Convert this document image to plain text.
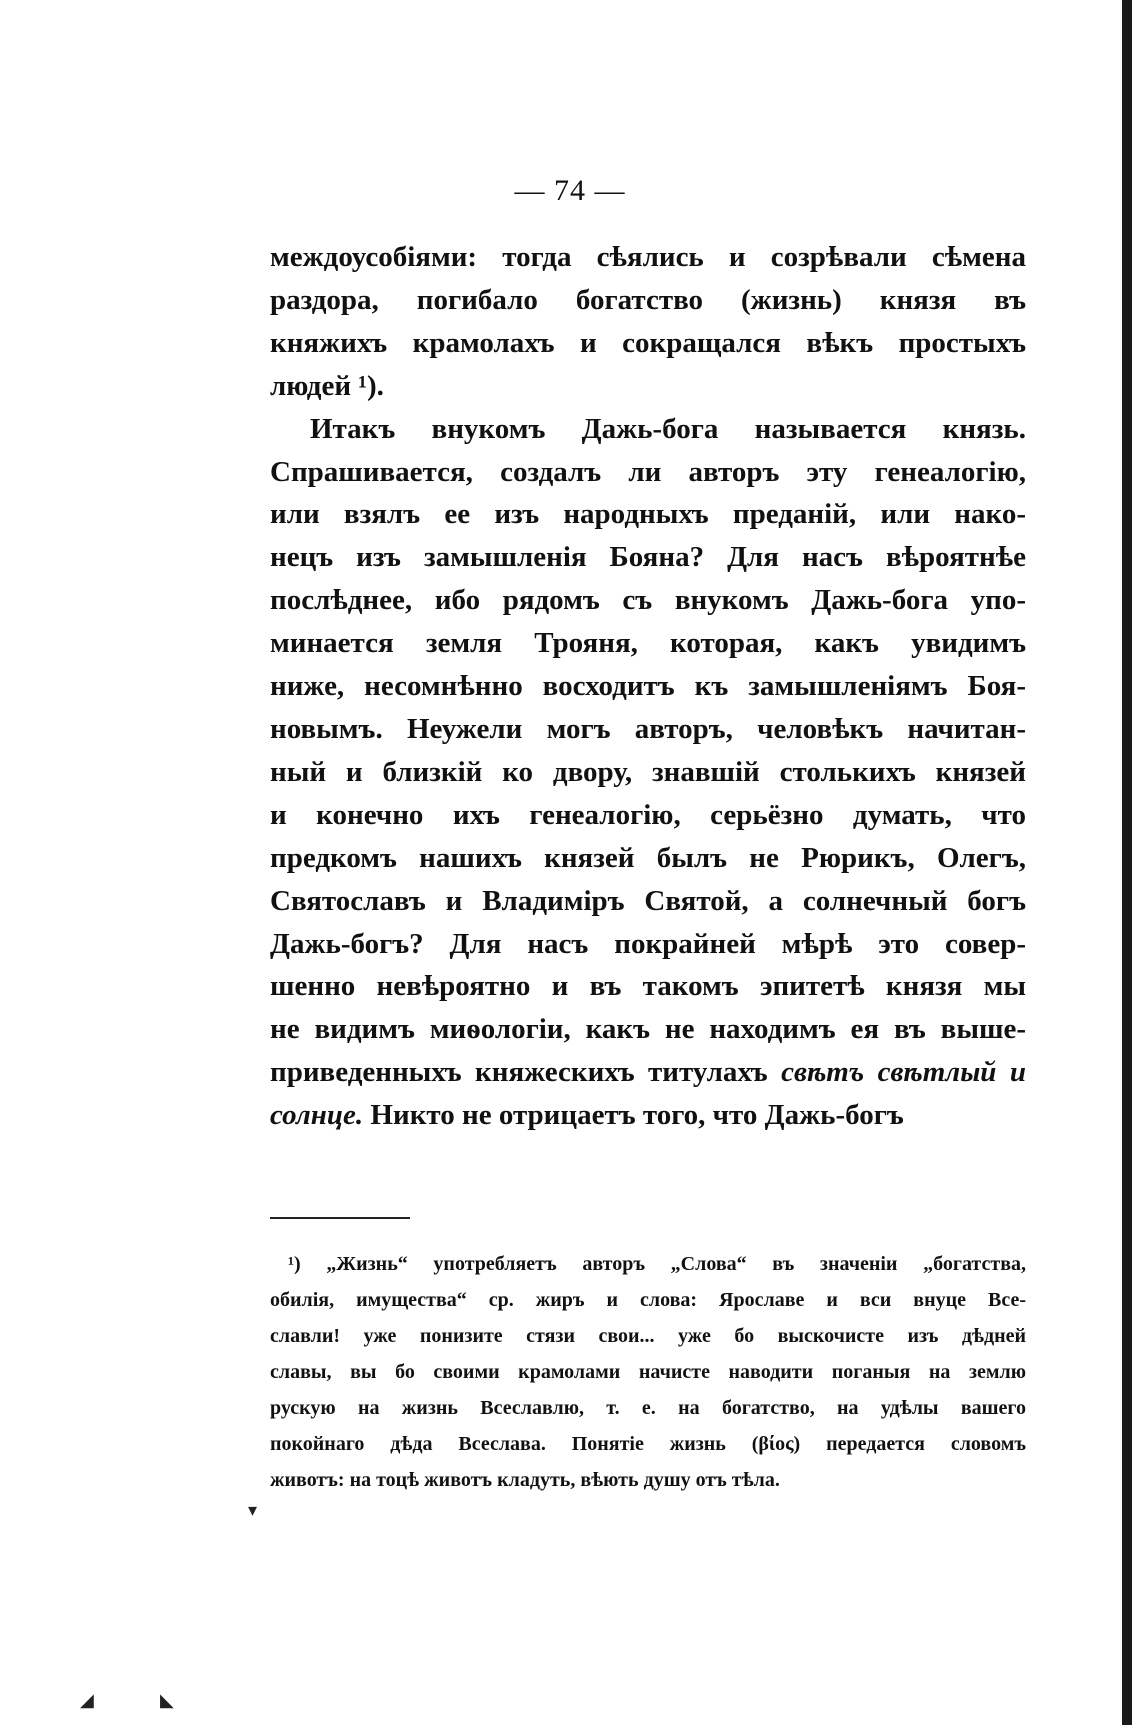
— 74 —
междоусобіями: тогда сѣялись и созрѣвали сѣмена
раздора, погибало богатство (жизнь) князя въ
княжихъ крамолахъ и сокращался вѣкъ простыхъ
людей ¹).
Итакъ внукомъ Дажь-бога называется князь.
Спрашивается, создалъ ли авторъ эту генеалогію,
или взялъ ее изъ народныхъ преданій, или нако-
нецъ изъ замышленія Бояна? Для насъ вѣроятнѣе
послѣднее, ибо рядомъ съ внукомъ Дажь-бога упо-
минается земля Трояня, которая, какъ увидимъ
ниже, несомнѣнно восходитъ къ замышленіямъ Боя-
новымъ. Неужели могъ авторъ, человѣкъ начитан-
ный и близкій ко двору, знавшій столькихъ князей
и конечно ихъ генеалогію, серьёзно думать, что
предкомъ нашихъ князей былъ не Рюрикъ, Олегъ,
Святославъ и Владиміръ Святой, а солнечный богъ
Дажь-богъ? Для насъ покрайней мѣрѣ это совер-
шенно невѣроятно и въ такомъ эпитетѣ князя мы
не видимъ миѳологіи, какъ не находимъ ея въ выше-
приведенныхъ княжескихъ титулахъ свѣтъ свѣтлый и
солнце. Никто не отрицаетъ того, что Дажь-богъ
¹) „Жизнь“ употребляетъ авторъ „Слова“ въ значеніи „богатства,
обилія, имущества“ ср. жиръ и слова: Ярославе и вси внуце Все-
славли! уже понизите стязи свои... уже бо выскочисте изъ дѣдней
славы, вы бо своими крамолами начисте наводити поганыя на землю
рускую на жизнь Всеславлю, т. е. на богатство, на удѣлы вашего
покойнаго дѣда Всеслава. Понятіе жизнь (βίος) передается словомъ
животъ: на тоцѣ животъ кладуть, вѣють душу отъ тѣла.
▾
◢	◣
